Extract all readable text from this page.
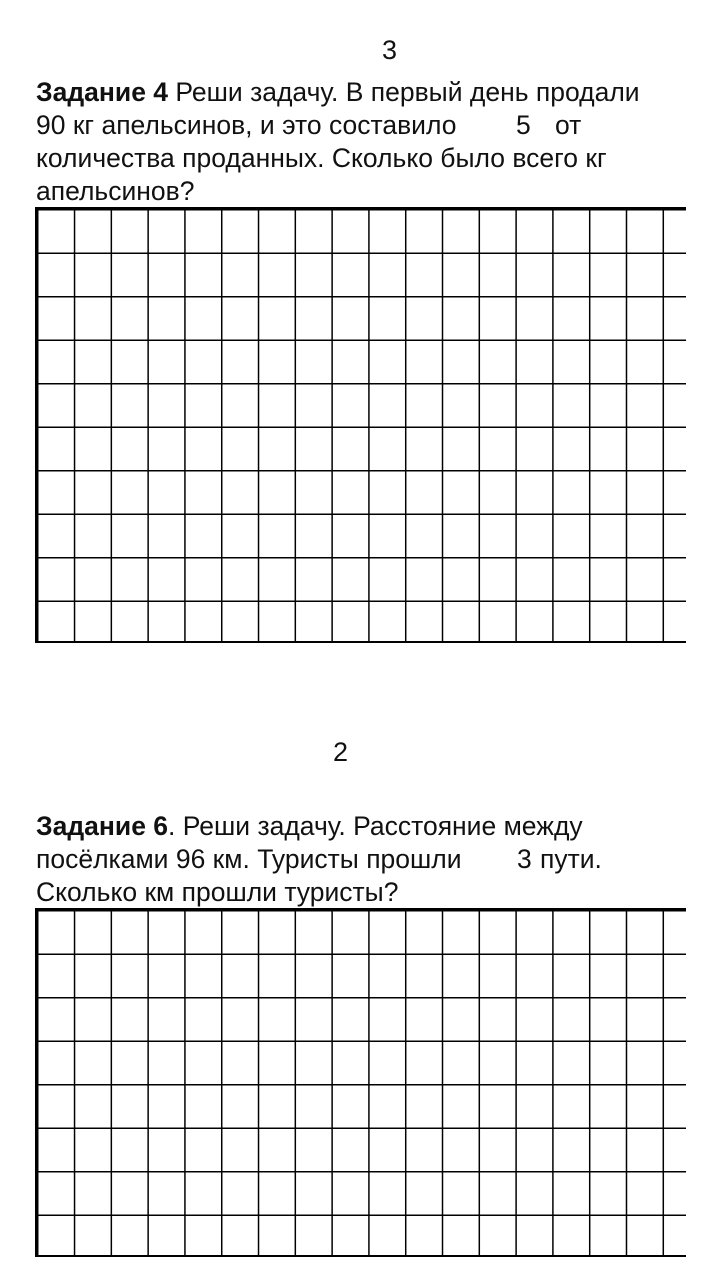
3
Задание 4 Реши задачу. В первый день продали
90 кг апельсинов, и это составило 5 от
количества проданных. Сколько было всего кг
апельсинов?
2
Задание 6. Реши задачу. Расстояние между
посёлками 96 км. Туристы прошли 3 пути.
Сколько км прошли туристы?
